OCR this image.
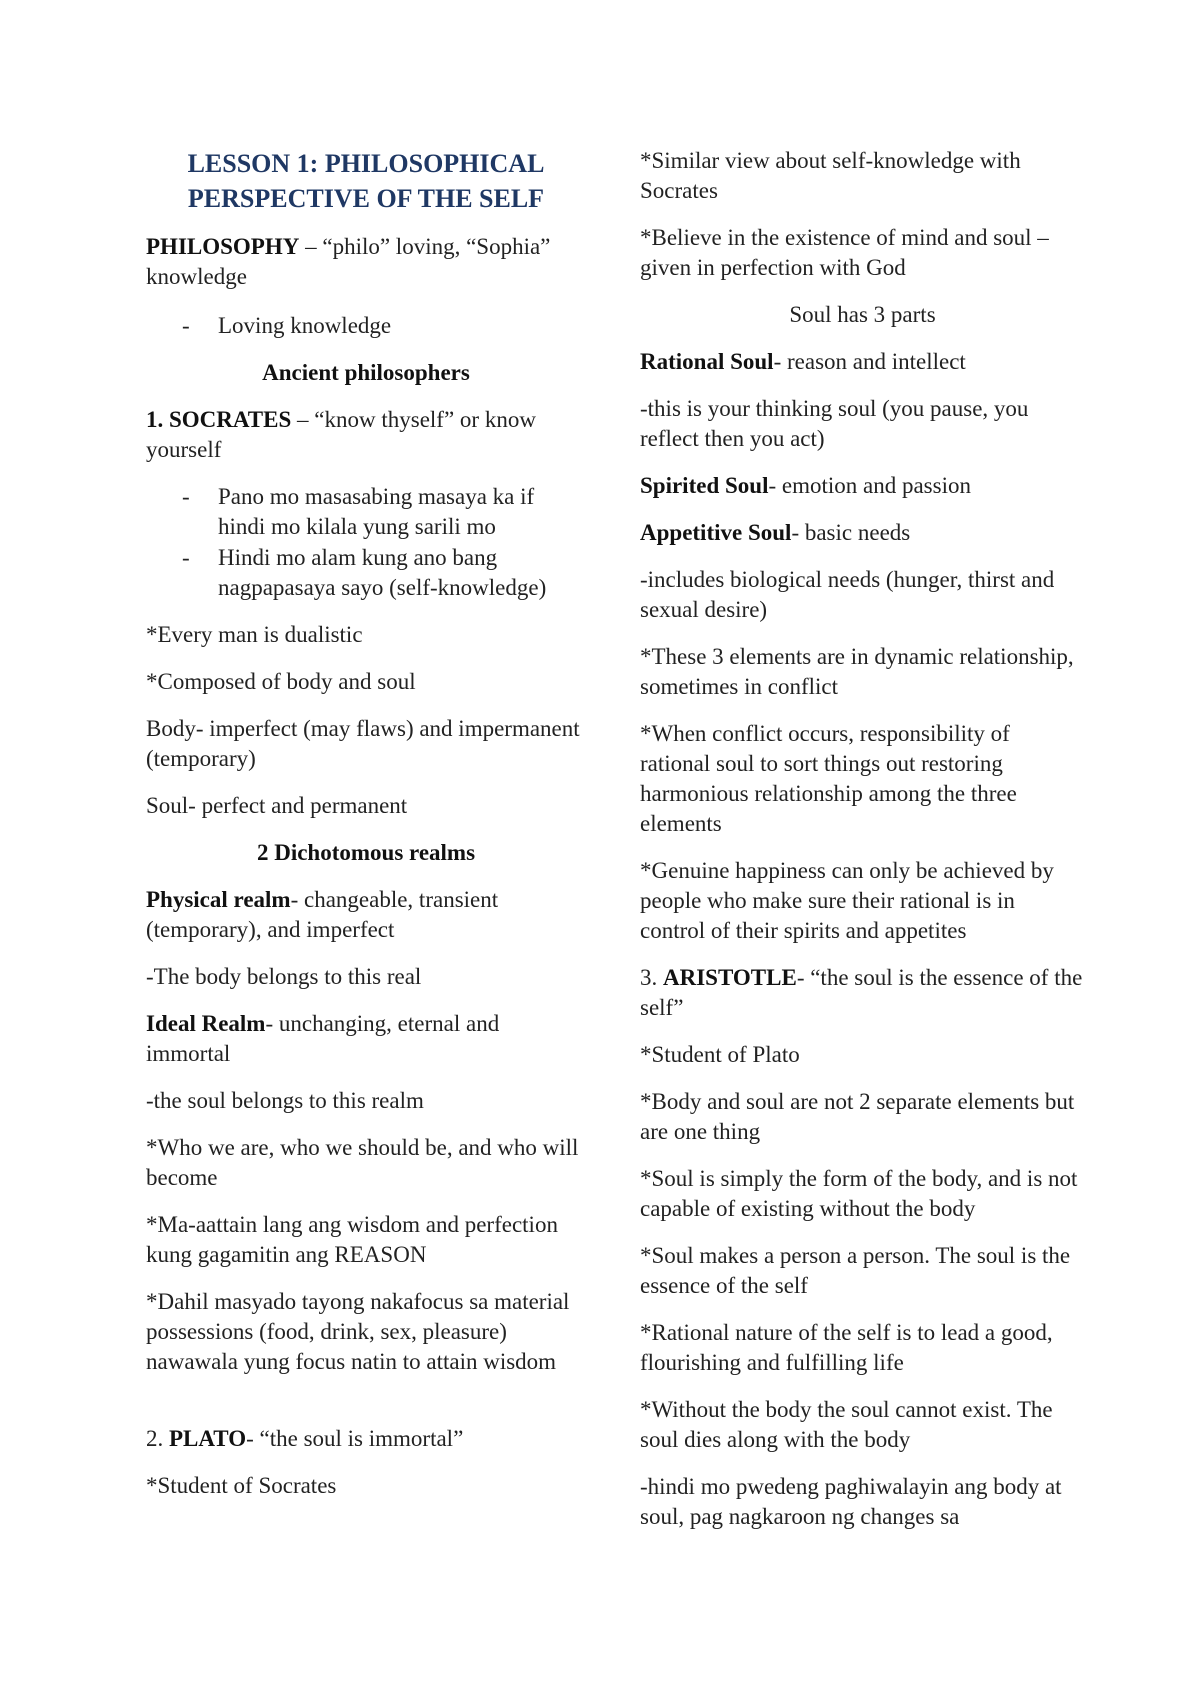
LESSON 1: PHILOSOPHICAL
PERSPECTIVE OF THE SELF

PHILOSOPHY – “philo” loving, “Sophia” knowledge

-	Loving knowledge

Ancient philosophers

1. SOCRATES – “know thyself” or know yourself

-	Pano mo masasabing masaya ka if hindi mo kilala yung sarili mo
-	Hindi mo alam kung ano bang nagpapasaya sayo (self-knowledge)

*Every man is dualistic

*Composed of body and soul

Body- imperfect (may flaws) and impermanent (temporary)

Soul- perfect and permanent

2 Dichotomous realms

Physical realm- changeable, transient (temporary), and imperfect

-The body belongs to this real

Ideal Realm- unchanging, eternal and immortal

-the soul belongs to this realm

*Who we are, who we should be, and who will become

*Ma-aattain lang ang wisdom and perfection kung gagamitin ang REASON

*Dahil masyado tayong nakafocus sa material possessions (food, drink, sex, pleasure) nawawala yung focus natin to attain wisdom

2. PLATO- “the soul is immortal”

*Student of Socrates

*Similar view about self-knowledge with Socrates

*Believe in the existence of mind and soul – given in perfection with God

Soul has 3 parts

Rational Soul- reason and intellect

-this is your thinking soul (you pause, you reflect then you act)

Spirited Soul- emotion and passion

Appetitive Soul- basic needs

-includes biological needs (hunger, thirst and sexual desire)

*These 3 elements are in dynamic relationship, sometimes in conflict

*When conflict occurs, responsibility of rational soul to sort things out restoring harmonious relationship among the three elements

*Genuine happiness can only be achieved by people who make sure their rational is in control of their spirits and appetites

3. ARISTOTLE- “the soul is the essence of the self”

*Student of Plato

*Body and soul are not 2 separate elements but are one thing

*Soul is simply the form of the body, and is not capable of existing without the body

*Soul makes a person a person. The soul is the essence of the self

*Rational nature of the self is to lead a good, flourishing and fulfilling life

*Without the body the soul cannot exist. The soul dies along with the body

-hindi mo pwedeng paghiwalayin ang body at soul, pag nagkaroon ng changes sa
